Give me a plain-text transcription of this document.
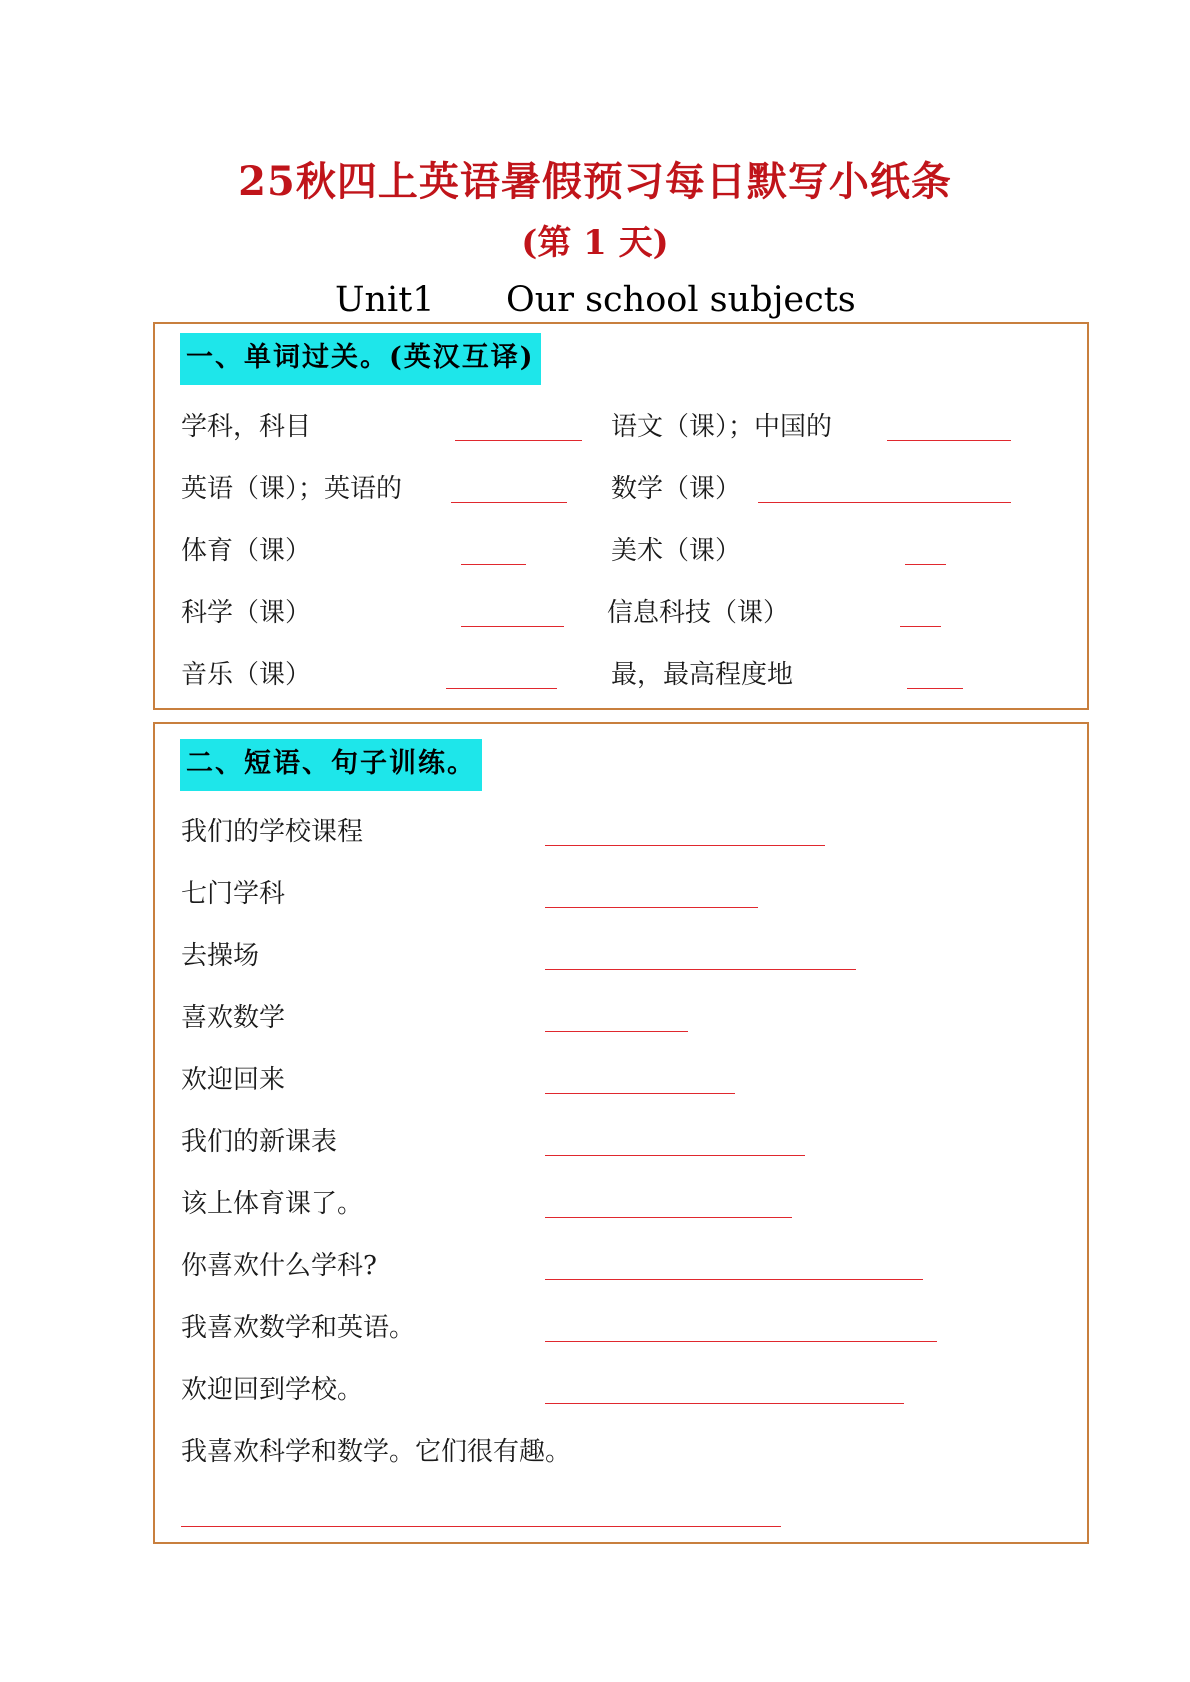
25秋四上英语暑假预习每日默写小纸条
(第 1 天)
Unit1 Our school subjects
一、单词过关。(英汉互译)
学科，科目	语文（课）；中国的
英语（课）；英语的	数学（课）
体育（课）	美术（课）
科学（课）	信息科技（课）
音乐（课）	最，最高程度地
二、短语、句子训练。
我们的学校课程
七门学科
去操场
喜欢数学
欢迎回来
我们的新课表
该上体育课了。
你喜欢什么学科?
我喜欢数学和英语。
欢迎回到学校。
我喜欢科学和数学。它们很有趣。
